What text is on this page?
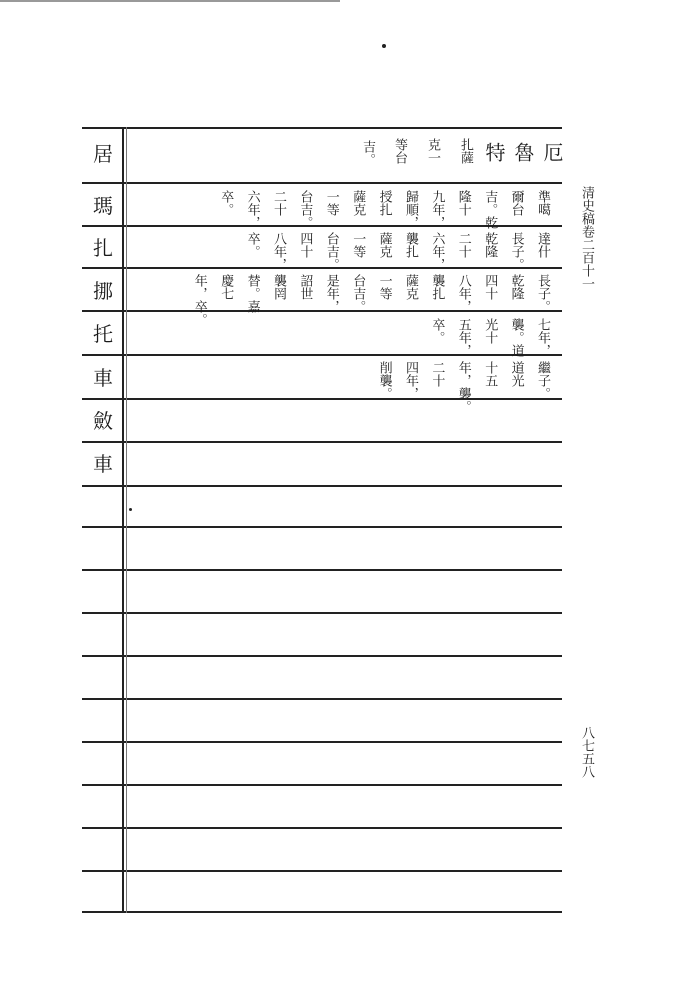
居
瑪
扎
挪
托
車
斂
車
厄
魯
特
扎薩
克一
等台
吉。
準噶
爾台
吉。乾
隆十
九年，
歸順，
授扎
薩克
一等
台吉。
二十
六年，
卒。
達什
長子。
乾隆
二十
六年，
襲扎
薩克
一等
台吉。
四十
八年，
卒。
長子。
乾隆
四十
八年，
襲扎
薩克
一等
台吉。
是年，
詔世
襲罔
替。嘉
慶七
年，卒。
七年，
襲。道
光十
五年，
卒。
繼子。
道光
十五
年，襲。
二十
四年，
削襲。
清史稿卷二百十一
八七五八
